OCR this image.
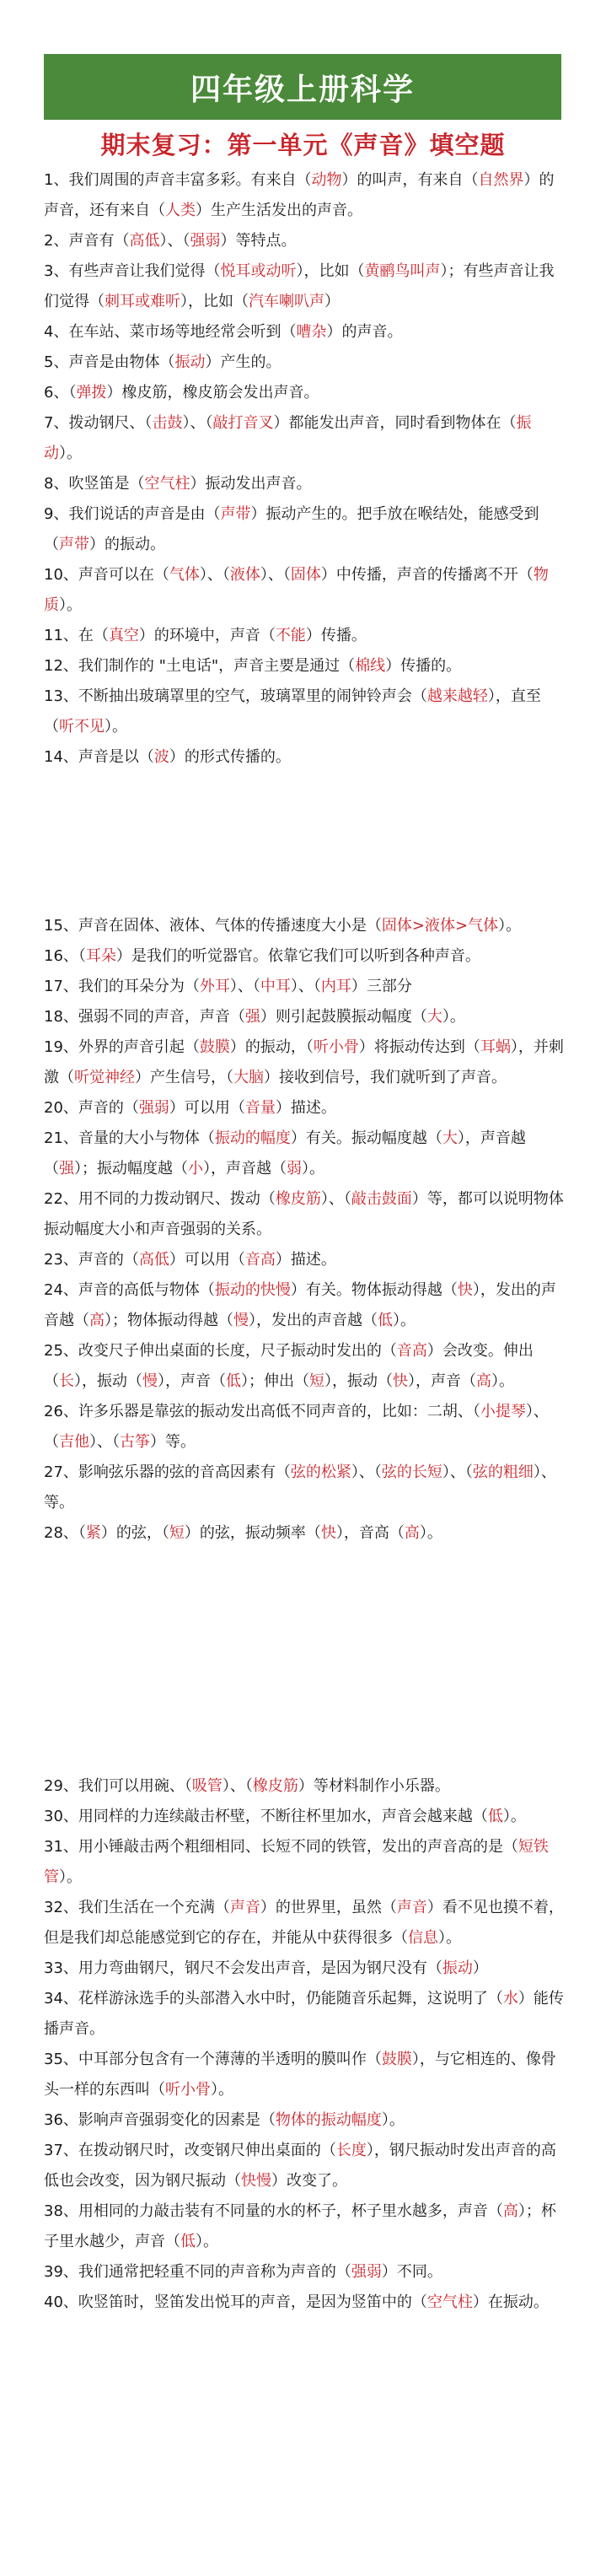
四年级上册科学
期末复习：第一单元《声音》填空题

1、我们周围的声音丰富多彩。有来自（动物）的叫声，有来自（自然界）的声音，还有来自（人类）生产生活发出的声音。

2、声音有（高低）、（强弱）等特点。

3、有些声音让我们觉得（悦耳或动听），比如（黄鹂鸟叫声）；有些声音让我们觉得（刺耳或难听），比如（汽车喇叭声）

4、在车站、菜市场等地经常会听到（嘈杂）的声音。

5、声音是由物体（振动）产生的。

6、（弹拨）橡皮筋，橡皮筋会发出声音。

7、拨动钢尺、（击鼓）、（敲打音叉）都能发出声音，同时看到物体在（振动）。

8、吹竖笛是（空气柱）振动发出声音。

9、我们说话的声音是由（声带）振动产生的。把手放在喉结处，能感受到（声带）的振动。

10、声音可以在（气体）、（液体）、（固体）中传播，声音的传播离不开（物质）。

11、在（真空）的环境中，声音（不能）传播。

12、我们制作的 "土电话"，声音主要是通过（棉线）传播的。

13、不断抽出玻璃罩里的空气，玻璃罩里的闹钟铃声会（越来越轻），直至（听不见）。

14、声音是以（波）的形式传播的。

15、声音在固体、液体、气体的传播速度大小是（固体>液体>气体）。

16、（耳朵）是我们的听觉器官。依靠它我们可以听到各种声音。

17、我们的耳朵分为（外耳）、（中耳）、（内耳）三部分

18、强弱不同的声音，声音（强）则引起鼓膜振动幅度（大）。

19、外界的声音引起（鼓膜）的振动，（听小骨）将振动传达到（耳蜗），并刺激（听觉神经）产生信号，（大脑）接收到信号，我们就听到了声音。

20、声音的（强弱）可以用（音量）描述。

21、音量的大小与物体（振动的幅度）有关。振动幅度越（大），声音越（强）；振动幅度越（小），声音越（弱）。

22、用不同的力拨动钢尺、拨动（橡皮筋）、（敲击鼓面）等，都可以说明物体振动幅度大小和声音强弱的关系。

23、声音的（高低）可以用（音高）描述。

24、声音的高低与物体（振动的快慢）有关。物体振动得越（快），发出的声音越（高）；物体振动得越（慢），发出的声音越（低）。

25、改变尺子伸出桌面的长度，尺子振动时发出的（音高）会改变。伸出（长），振动（慢），声音（低）；伸出（短），振动（快），声音（高）。

26、许多乐器是靠弦的振动发出高低不同声音的，比如：二胡、（小提琴）、（吉他）、（古筝）等。

27、影响弦乐器的弦的音高因素有（弦的松紧）、（弦的长短）、（弦的粗细）、等。

28、（紧）的弦，（短）的弦，振动频率（快），音高（高）。

29、我们可以用碗、（吸管）、（橡皮筋）等材料制作小乐器。

30、用同样的力连续敲击杯壁，不断往杯里加水，声音会越来越（低）。

31、用小锤敲击两个粗细相同、长短不同的铁管，发出的声音高的是（短铁管）。

32、我们生活在一个充满（声音）的世界里，虽然（声音）看不见也摸不着，但是我们却总能感觉到它的存在，并能从中获得很多（信息）。

33、用力弯曲钢尺，钢尺不会发出声音，是因为钢尺没有（振动）

34、花样游泳选手的头部潜入水中时，仍能随音乐起舞，这说明了（水）能传播声音。

35、中耳部分包含有一个薄薄的半透明的膜叫作（鼓膜），与它相连的、像骨头一样的东西叫（听小骨）。

36、影响声音强弱变化的因素是（物体的振动幅度）。

37、在拨动钢尺时，改变钢尺伸出桌面的（长度），钢尺振动时发出声音的高低也会改变，因为钢尺振动（快慢）改变了。

38、用相同的力敲击装有不同量的水的杯子，杯子里水越多，声音（高）；杯子里水越少，声音（低）。

39、我们通常把轻重不同的声音称为声音的（强弱）不同。

40、吹竖笛时，竖笛发出悦耳的声音，是因为竖笛中的（空气柱）在振动。
